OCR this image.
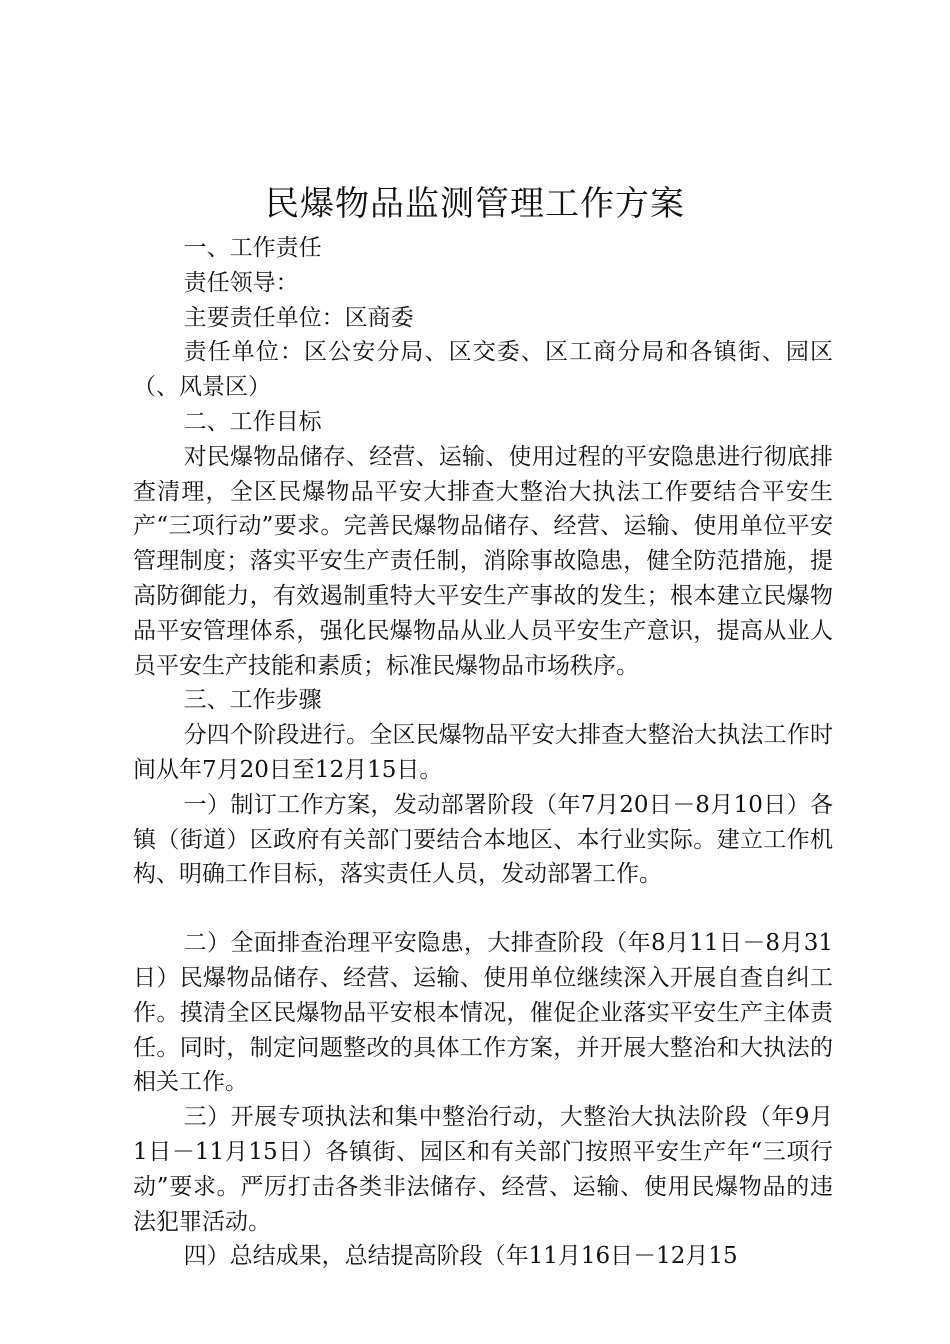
民爆物品监测管理工作方案

一、工作责任

责任领导：

主要责任单位：区商委

责任单位：区公安分局、区交委、区工商分局和各镇街、园区（、风景区）

二、工作目标

对民爆物品储存、经营、运输、使用过程的平安隐患进行彻底排查清理，全区民爆物品平安大排查大整治大执法工作要结合平安生产“三项行动”要求。完善民爆物品储存、经营、运输、使用单位平安管理制度；落实平安生产责任制，消除事故隐患，健全防范措施，提高防御能力，有效遏制重特大平安生产事故的发生；根本建立民爆物品平安管理体系，强化民爆物品从业人员平安生产意识，提高从业人员平安生产技能和素质；标准民爆物品市场秩序。

三、工作步骤

分四个阶段进行。全区民爆物品平安大排查大整治大执法工作时间从年7月20日至12月15日。

一）制订工作方案，发动部署阶段（年7月20日－8月10日）各镇（街道）区政府有关部门要结合本地区、本行业实际。建立工作机构、明确工作目标，落实责任人员，发动部署工作。

二）全面排查治理平安隐患，大排查阶段（年8月11日－8月31日）民爆物品储存、经营、运输、使用单位继续深入开展自查自纠工作。摸清全区民爆物品平安根本情况，催促企业落实平安生产主体责任。同时，制定问题整改的具体工作方案，并开展大整治和大执法的相关工作。

三）开展专项执法和集中整治行动，大整治大执法阶段（年9月1日－11月15日）各镇街、园区和有关部门按照平安生产年“三项行动”要求。严厉打击各类非法储存、经营、运输、使用民爆物品的违法犯罪活动。

四）总结成果，总结提高阶段（年11月16日－12月15
